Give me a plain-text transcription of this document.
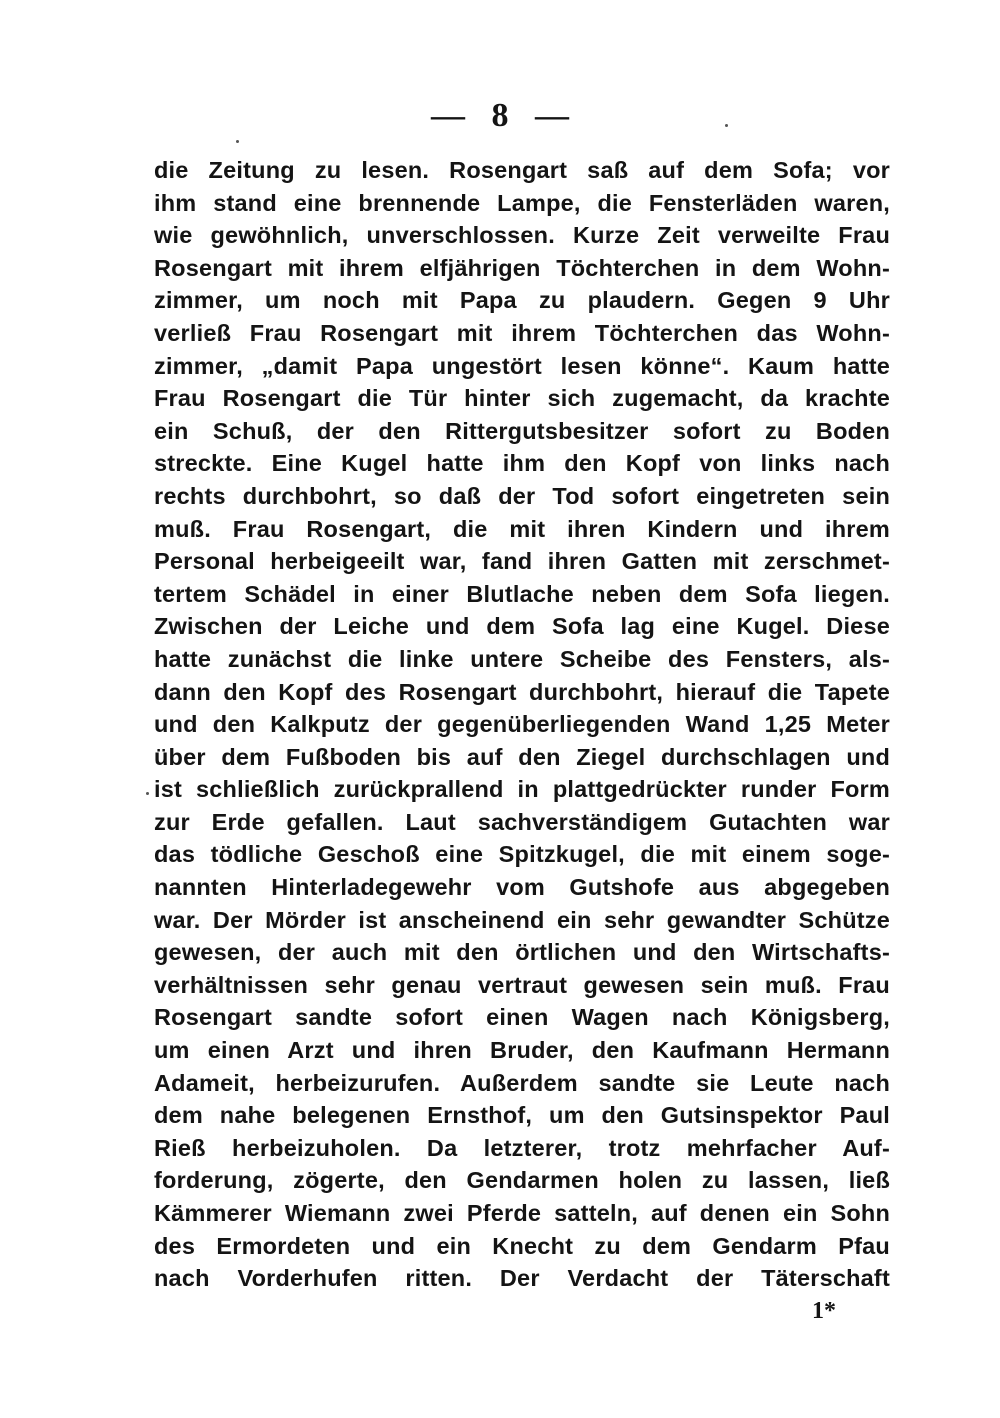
— 8 —
die Zeitung zu lesen. Rosengart saß auf dem Sofa; vor
ihm stand eine brennende Lampe, die Fensterläden waren,
wie gewöhnlich, unverschlossen. Kurze Zeit verweilte Frau
Rosengart mit ihrem elfjährigen Töchterchen in dem Wohn-
zimmer, um noch mit Papa zu plaudern. Gegen 9 Uhr
verließ Frau Rosengart mit ihrem Töchterchen das Wohn-
zimmer, „damit Papa ungestört lesen könne“. Kaum hatte
Frau Rosengart die Tür hinter sich zugemacht, da krachte
ein Schuß, der den Rittergutsbesitzer sofort zu Boden
streckte. Eine Kugel hatte ihm den Kopf von links nach
rechts durchbohrt, so daß der Tod sofort eingetreten sein
muß. Frau Rosengart, die mit ihren Kindern und ihrem
Personal herbeigeeilt war, fand ihren Gatten mit zerschmet-
tertem Schädel in einer Blutlache neben dem Sofa liegen.
Zwischen der Leiche und dem Sofa lag eine Kugel. Diese
hatte zunächst die linke untere Scheibe des Fensters, als-
dann den Kopf des Rosengart durchbohrt, hierauf die Tapete
und den Kalkputz der gegenüberliegenden Wand 1,25 Meter
über dem Fußboden bis auf den Ziegel durchschlagen und
ist schließlich zurückprallend in plattgedrückter runder Form
zur Erde gefallen. Laut sachverständigem Gutachten war
das tödliche Geschoß eine Spitzkugel, die mit einem soge-
nannten Hinterladegewehr vom Gutshofe aus abgegeben
war. Der Mörder ist anscheinend ein sehr gewandter Schütze
gewesen, der auch mit den örtlichen und den Wirtschafts-
verhältnissen sehr genau vertraut gewesen sein muß. Frau
Rosengart sandte sofort einen Wagen nach Königsberg,
um einen Arzt und ihren Bruder, den Kaufmann Hermann
Adameit, herbeizurufen. Außerdem sandte sie Leute nach
dem nahe belegenen Ernsthof, um den Gutsinspektor Paul
Rieß herbeizuholen. Da letzterer, trotz mehrfacher Auf-
forderung, zögerte, den Gendarmen holen zu lassen, ließ
Kämmerer Wiemann zwei Pferde satteln, auf denen ein Sohn
des Ermordeten und ein Knecht zu dem Gendarm Pfau
nach Vorderhufen ritten. Der Verdacht der Täterschaft
1*
